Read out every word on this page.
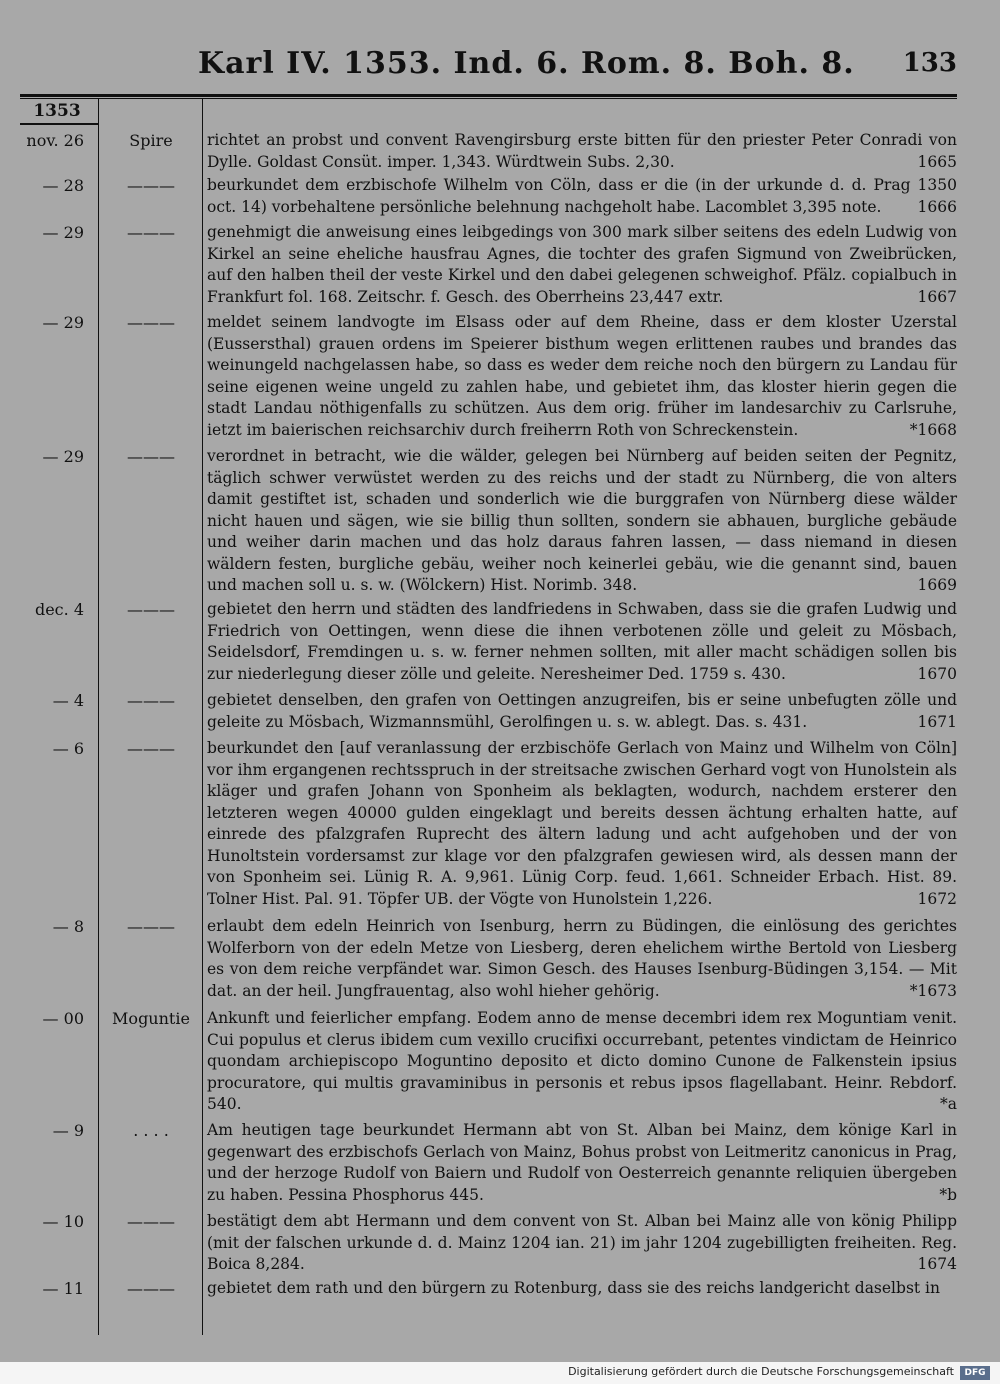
Karl IV. 1353. Ind. 6. Rom. 8. Boh. 8. 133
1353
nov. 26	Spire	richtet an probst und convent Ravengirsburg erste bitten für den priester Peter Conradi von Dylle. Goldast Consüt. imper. 1,343. Würdtwein Subs. 2,30.	1665
— 28	———	beurkundet dem erzbischofe Wilhelm von Cöln, dass er die (in der urkunde d. d. Prag 1350 oct. 14) vorbehaltene persönliche belehnung nachgeholt habe. Lacomblet 3,395 note.	1666
— 29	———	genehmigt die anweisung eines leibgedings von 300 mark silber seitens des edeln Ludwig von Kirkel an seine eheliche hausfrau Agnes, die tochter des grafen Sigmund von Zweibrücken, auf den halben theil der veste Kirkel und den dabei gelegenen schweighof. Pfälz. copialbuch in Frankfurt fol. 168. Zeitschr. f. Gesch. des Oberrheins 23,447 extr.	1667
— 29	———	meldet seinem landvogte im Elsass oder auf dem Rheine, dass er dem kloster Uzerstal (Eussersthal) grauen ordens im Speierer bisthum wegen erlittenen raubes und brandes das weinungeld nachgelassen habe, so dass es weder dem reiche noch den bürgern zu Landau für seine eigenen weine ungeld zu zahlen habe, und gebietet ihm, das kloster hierin gegen die stadt Landau nöthigenfalls zu schützen. Aus dem orig. früher im landesarchiv zu Carlsruhe, ietzt im baierischen reichsarchiv durch freiherrn Roth von Schreckenstein.	*1668
— 29	———	verordnet in betracht, wie die wälder, gelegen bei Nürnberg auf beiden seiten der Pegnitz, täglich schwer verwüstet werden zu des reichs und der stadt zu Nürnberg, die von alters damit gestiftet ist, schaden und sonderlich wie die burggrafen von Nürnberg diese wälder nicht hauen und sägen, wie sie billig thun sollten, sondern sie abhauen, burgliche gebäude und weiher darin machen und das holz daraus fahren lassen, — dass niemand in diesen wäldern festen, burgliche gebäu, weiher noch keinerlei gebäu, wie die genannt sind, bauen und machen soll u. s. w. (Wölckern) Hist. Norimb. 348.	1669
dec. 4	———	gebietet den herrn und städten des landfriedens in Schwaben, dass sie die grafen Ludwig und Friedrich von Oettingen, wenn diese die ihnen verbotenen zölle und geleit zu Mösbach, Seidelsdorf, Fremdingen u. s. w. ferner nehmen sollten, mit aller macht schädigen sollen bis zur niederlegung dieser zölle und geleite. Neresheimer Ded. 1759 s. 430.	1670
— 4	———	gebietet denselben, den grafen von Oettingen anzugreifen, bis er seine unbefugten zölle und geleite zu Mösbach, Wizmannsmühl, Gerolfingen u. s. w. ablegt. Das. s. 431.	1671
— 6	———	beurkundet den [auf veranlassung der erzbischöfe Gerlach von Mainz und Wilhelm von Cöln] vor ihm ergangenen rechtsspruch in der streitsache zwischen Gerhard vogt von Hunolstein als kläger und grafen Johann von Sponheim als beklagten, wodurch, nachdem ersterer den letzteren wegen 40000 gulden eingeklagt und bereits dessen ächtung erhalten hatte, auf einrede des pfalzgrafen Ruprecht des ältern ladung und acht aufgehoben und der von Hunoltstein vordersamst zur klage vor den pfalzgrafen gewiesen wird, als dessen mann der von Sponheim sei. Lünig R. A. 9,961. Lünig Corp. feud. 1,661. Schneider Erbach. Hist. 89. Tolner Hist. Pal. 91. Töpfer UB. der Vögte von Hunolstein 1,226.	1672
— 8	———	erlaubt dem edeln Heinrich von Isenburg, herrn zu Büdingen, die einlösung des gerichtes Wolferborn von der edeln Metze von Liesberg, deren ehelichem wirthe Bertold von Liesberg es von dem reiche verpfändet war. Simon Gesch. des Hauses Isenburg-Büdingen 3,154. — Mit dat. an der heil. Jungfrauentag, also wohl hieher gehörig.	*1673
— 00	Moguntie	Ankunft und feierlicher empfang. Eodem anno de mense decembri idem rex Moguntiam venit. Cui populus et clerus ibidem cum vexillo crucifixi occurrebant, petentes vindictam de Heinrico quondam archiepiscopo Moguntino deposito et dicto domino Cunone de Falkenstein ipsius procuratore, qui multis gravaminibus in personis et rebus ipsos flagellabant. Heinr. Rebdorf. 540.	*a
— 9	. . . .	Am heutigen tage beurkundet Hermann abt von St. Alban bei Mainz, dem könige Karl in gegenwart des erzbischofs Gerlach von Mainz, Bohus probst von Leitmeritz canonicus in Prag, und der herzoge Rudolf von Baiern und Rudolf von Oesterreich genannte reliquien übergeben zu haben. Pessina Phosphorus 445.	*b
— 10	———	bestätigt dem abt Hermann und dem convent von St. Alban bei Mainz alle von könig Philipp (mit der falschen urkunde d. d. Mainz 1204 ian. 21) im jahr 1204 zugebilligten freiheiten. Reg. Boica 8,284.	1674
— 11	———	gebietet dem rath und den bürgern zu Rotenburg, dass sie des reichs landgericht daselbst in
Digitalisierung gefördert durch die Deutsche Forschungsgemeinschaft	DFG
